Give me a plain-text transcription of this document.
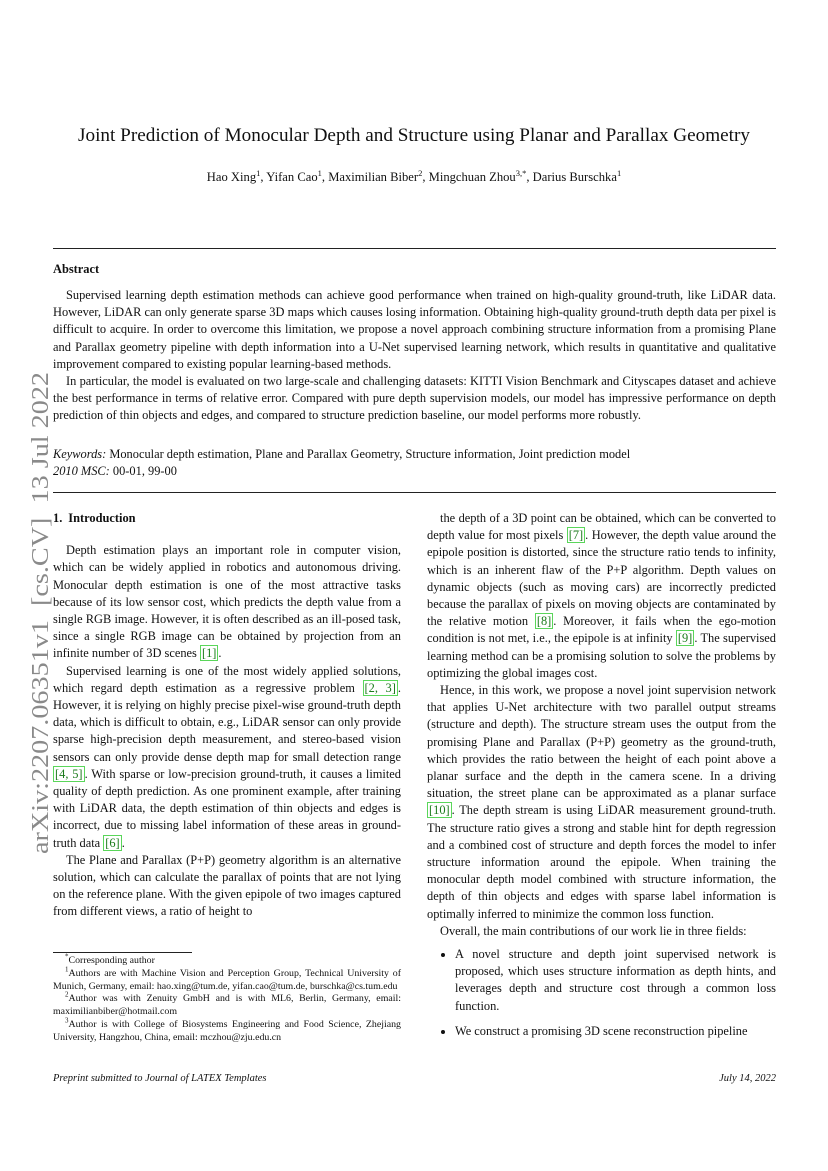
arXiv:2207.06351v1  [cs.CV]  13 Jul 2022
Joint Prediction of Monocular Depth and Structure using Planar and Parallax Geometry
Hao Xing$^1$, Yifan Cao$^1$, Maximilian Biber$^2$, Mingchuan Zhou$^{3,*}$, Darius Burschka$^1$
Abstract

Supervised learning depth estimation methods can achieve good performance when trained on high-quality ground-truth, like LiDAR data. However, LiDAR can only generate sparse 3D maps which causes losing information. Obtaining high-quality ground-truth depth data per pixel is difficult to acquire. In order to overcome this limitation, we propose a novel approach combining structure information from a promising Plane and Parallax geometry pipeline with depth information into a U-Net supervised learning network, which results in quantitative and qualitative improvement compared to existing popular learning-based methods.

In particular, the model is evaluated on two large-scale and challenging datasets: KITTI Vision Benchmark and Cityscapes dataset and achieve the best performance in terms of relative error. Compared with pure depth supervision models, our model has impressive performance on depth prediction of thin objects and edges, and compared to structure prediction baseline, our model performs more robustly.

Keywords: Monocular depth estimation, Plane and Parallax Geometry, Structure information, Joint prediction model
2010 MSC: 00-01, 99-00
1. Introduction

Depth estimation plays an important role in computer vision, which can be widely applied in robotics and autonomous driving. Monocular depth estimation is one of the most attractive tasks because of its low sensor cost, which predicts the depth value from a single RGB image. However, it is often described as an ill-posed task, since a single RGB image can be obtained by projection from an infinite number of 3D scenes [1] .

Supervised learning is one of the most widely applied solutions, which regard depth estimation as a regressive problem [2, 3] . However, it is relying on highly precise pixel-wise ground-truth depth data, which is difficult to obtain, e.g., LiDAR sensor can only provide sparse high-precision depth measurement, and stereo-based vision sensors can only provide dense depth map for small detection range [4, 5] . With sparse or low-precision ground-truth, it causes a limited quality of depth prediction. As one prominent example, after training with LiDAR data, the depth estimation of thin objects and edges is incorrect, due to missing label information of these areas in ground-truth data [6] .

The Plane and Parallax (P+P) geometry algorithm is an alternative solution, which can calculate the parallax of points that are not lying on the reference plane. With the given epipole of two images captured from different views, a ratio of height to

the depth of a 3D point can be obtained, which can be converted to depth value for most pixels [7] . However, the depth value around the epipole position is distorted, since the structure ratio tends to infinity, which is an inherent flaw of the P+P algorithm. Depth values on dynamic objects (such as moving cars) are incorrectly predicted because the parallax of pixels on moving objects are contaminated by the relative motion [8] . Moreover, it fails when the ego-motion condition is not met, i.e., the epipole is at infinity [9] . The supervised learning method can be a promising solution to solve the problems by optimizing the global images cost.

Hence, in this work, we propose a novel joint supervision network that applies U-Net architecture with two parallel output streams (structure and depth). The structure stream uses the output from the promising Plane and Parallax (P+P) geometry as the ground-truth, which provides the ratio between the height of each point above a planar surface and the depth in the camera scene. In a driving situation, the street plane can be approximated as a planar surface [10] . The depth stream is using LiDAR measurement ground-truth. The structure ratio gives a strong and stable hint for depth regression and a combined cost of structure and depth forces the model to infer structure information around the epipole. When training the monocular depth model combined with structure information, the depth of thin objects and edges with sparse label information is optimally inferred to minimize the common loss function.

Overall, the main contributions of our work lie in three fields:

• A novel structure and depth joint supervised network is proposed, which uses structure information as depth hints, and leverages depth and structure cost through a common loss function.
• We construct a promising 3D scene reconstruction pipeline

*Corresponding author

$^1$Authors are with Machine Vision and Perception Group, Technical University of Munich, Germany, email: hao.xing@tum.de, yifan.cao@tum.de, burschka@cs.tum.edu

$^2$Author was with Zenuity GmbH and is with ML6, Berlin, Germany, email: maximilianbiber@hotmail.com

$^3$Author is with College of Biosystems Engineering and Food Science, Zhejiang University, Hangzhou, China, email: mczhou@zju.edu.cn

Preprint submitted to Journal of LATEX Templates	July 14, 2022
